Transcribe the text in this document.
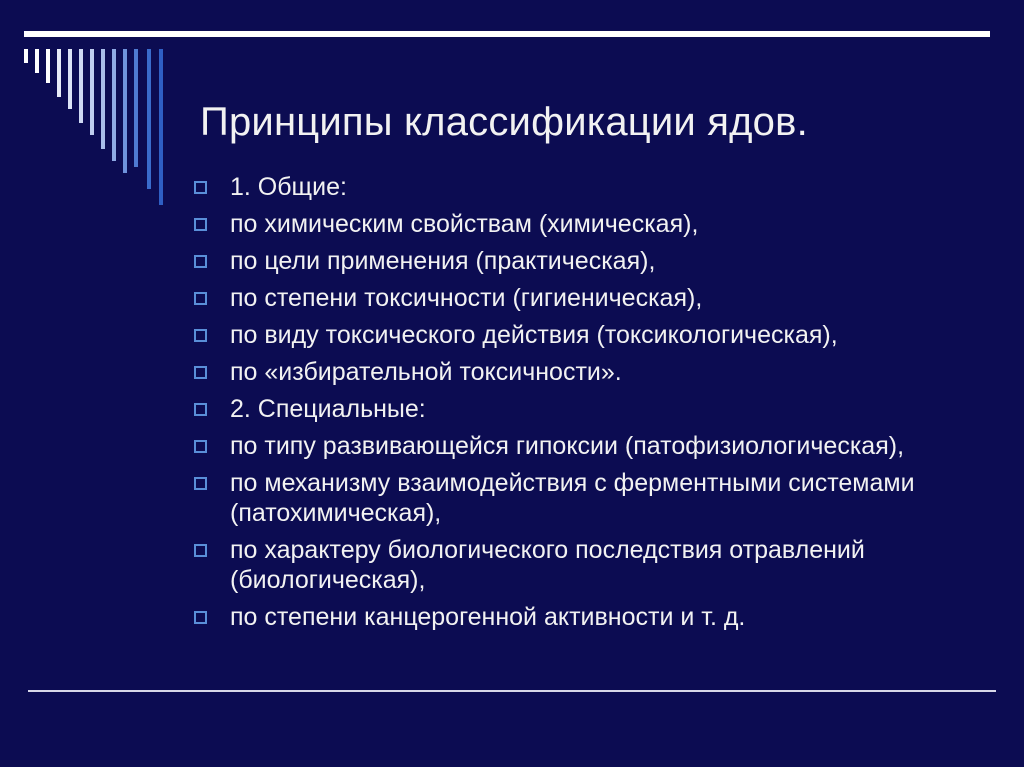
Принципы классификации ядов.
1. Общие:
по химическим свойствам (химическая),
по цели применения (практическая),
по степени токсичности (гигиеническая),
по виду токсического действия (токсикологическая),
по «избирательной токсичности».
2. Специальные:
по типу развивающейся гипоксии (патофизиологическая),
по механизму взаимодействия с ферментными системами (патохимическая),
по характеру биологического последствия отравлений (биологическая),
по степени канцерогенной активности и т. д.
